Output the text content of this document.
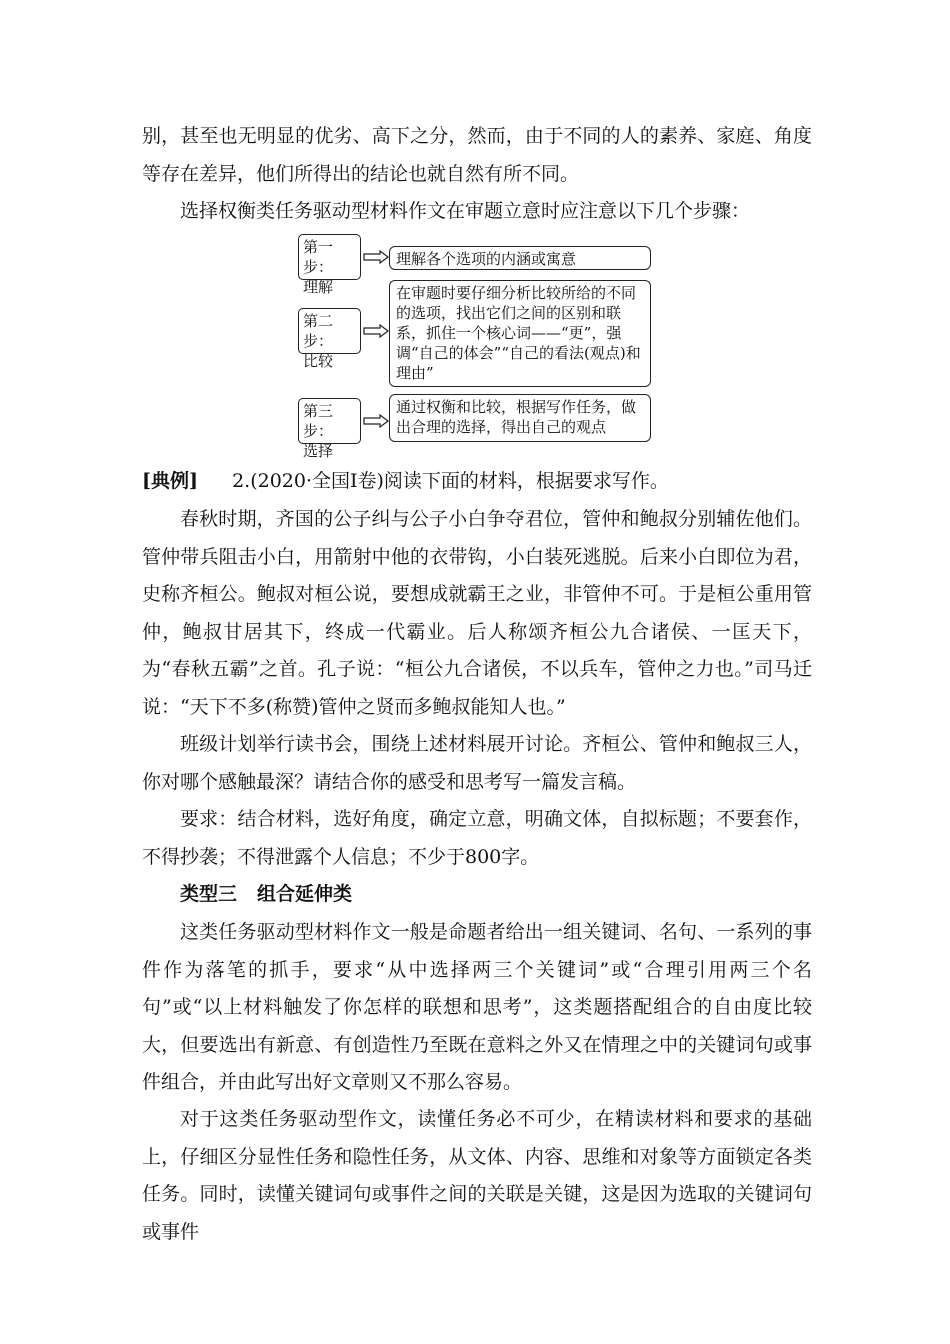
别，甚至也无明显的优劣、高下之分，然而，由于不同的人的素养、家庭、角度等存在差异，他们所得出的结论也就自然有所不同。

选择权衡类任务驱动型材料作文在审题立意时应注意以下几个步骤：

第一步：
理解
理解各个选项的内涵或寓意
第二步：
比较
在审题时要仔细分析比较所给的不同的选项，找出它们之间的区别和联系，抓住一个核心词——“更”，强调“自己的体会”“自己的看法(观点)和理由”
第三步：
选择
通过权衡和比较，根据写作任务，做出合理的选择，得出自己的观点

[典例] 2.(2020·全国Ⅰ卷)阅读下面的材料，根据要求写作。

春秋时期，齐国的公子纠与公子小白争夺君位，管仲和鲍叔分别辅佐他们。管仲带兵阻击小白，用箭射中他的衣带钩，小白装死逃脱。后来小白即位为君，史称齐桓公。鲍叔对桓公说，要想成就霸王之业，非管仲不可。于是桓公重用管仲，鲍叔甘居其下，终成一代霸业。后人称颂齐桓公九合诸侯、一匡天下，为“春秋五霸”之首。孔子说：“桓公九合诸侯，不以兵车，管仲之力也。”司马迁说：“天下不多(称赞)管仲之贤而多鲍叔能知人也。”

班级计划举行读书会，围绕上述材料展开讨论。齐桓公、管仲和鲍叔三人，你对哪个感触最深？请结合你的感受和思考写一篇发言稿。

要求：结合材料，选好角度，确定立意，明确文体，自拟标题；不要套作，不得抄袭；不得泄露个人信息；不少于800字。

类型三 组合延伸类

这类任务驱动型材料作文一般是命题者给出一组关键词、名句、一系列的事件作为落笔的抓手，要求“从中选择两三个关键词”或“合理引用两三个名句”或“以上材料触发了你怎样的联想和思考”，这类题搭配组合的自由度比较大，但要选出有新意、有创造性乃至既在意料之外又在情理之中的关键词句或事件组合，并由此写出好文章则又不那么容易。

对于这类任务驱动型作文，读懂任务必不可少，在精读材料和要求的基础上，仔细区分显性任务和隐性任务，从文体、内容、思维和对象等方面锁定各类任务。同时，读懂关键词句或事件之间的关联是关键，这是因为选取的关键词句或事件
